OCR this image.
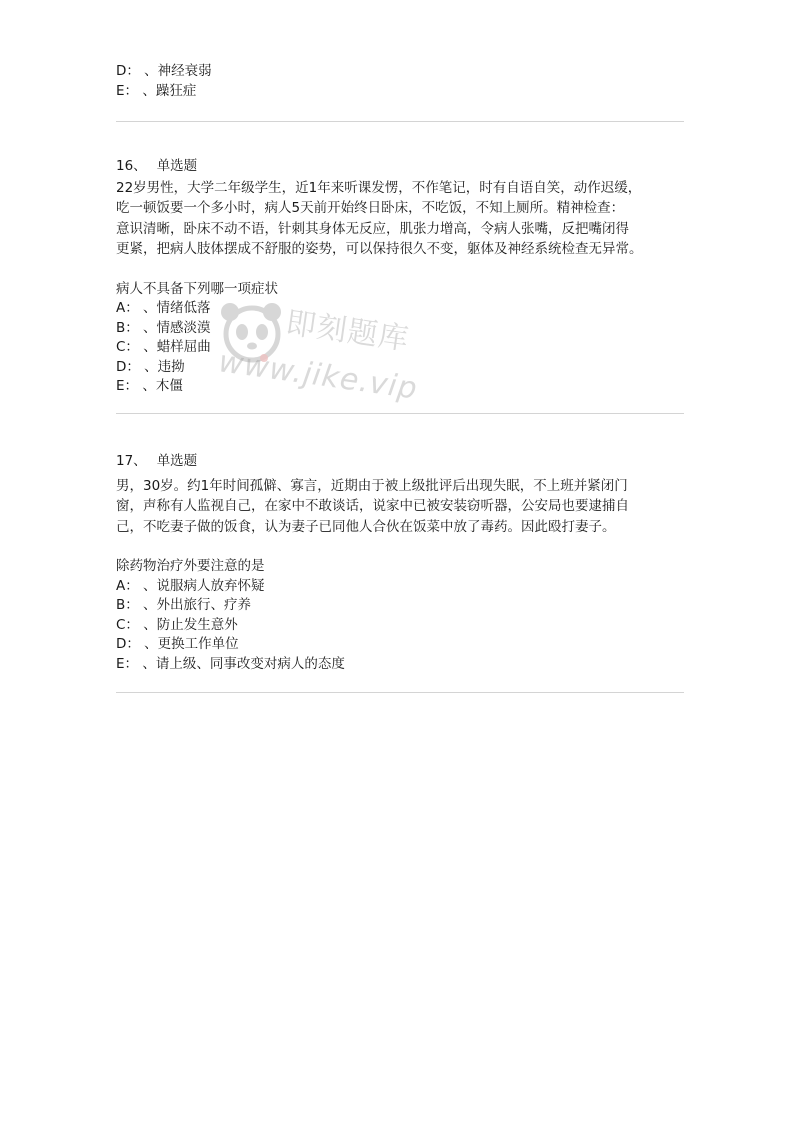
D： 、神经衰弱
E： 、躁狂症
16、 单选题
22岁男性，大学二年级学生，近1年来听课发愣，不作笔记，时有自语自笑，动作迟缓，
吃一顿饭要一个多小时，病人5天前开始终日卧床，不吃饭，不知上厕所。精神检查：
意识清晰，卧床不动不语，针刺其身体无反应，肌张力增高，令病人张嘴，反把嘴闭得
更紧，把病人肢体摆成不舒服的姿势，可以保持很久不变，躯体及神经系统检查无异常。
病人不具备下列哪一项症状
A： 、情绪低落
B： 、情感淡漠
C： 、蜡样屈曲
D： 、违拗
E： 、木僵
17、 单选题
男，30岁。约1年时间孤僻、寡言，近期由于被上级批评后出现失眠，不上班并紧闭门
窗，声称有人监视自己，在家中不敢谈话，说家中已被安装窃听器，公安局也要逮捕自
己，不吃妻子做的饭食，认为妻子已同他人合伙在饭菜中放了毒药。因此殴打妻子。
除药物治疗外要注意的是
A： 、说服病人放弃怀疑
B： 、外出旅行、疗养
C： 、防止发生意外
D： 、更换工作单位
E： 、请上级、同事改变对病人的态度
即刻题库
www.jike.vip
